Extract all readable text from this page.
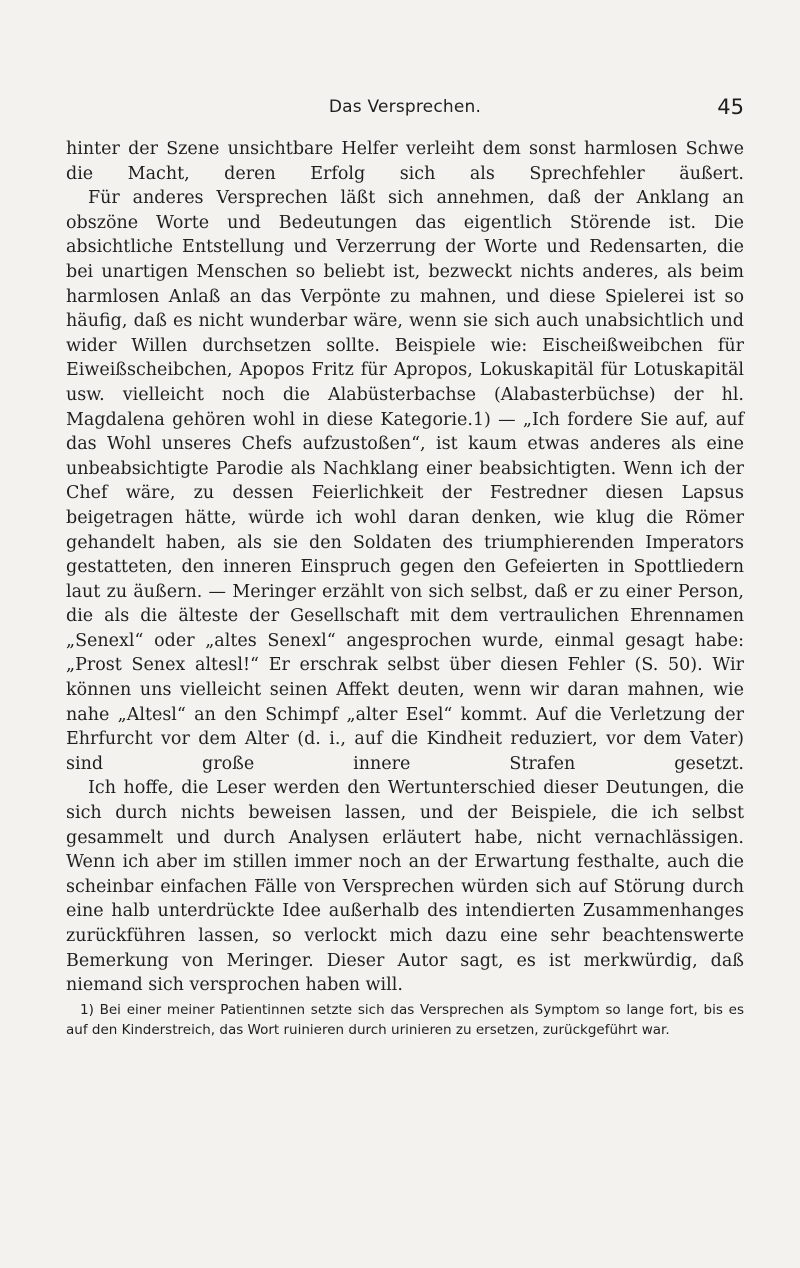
Das Versprechen.	45

hinter der Szene unsichtbare Helfer verleiht dem sonst harmlosen Schwe die Macht, deren Erfolg sich als Sprechfehler äußert.

Für anderes Versprechen läßt sich annehmen, daß der Anklang an obszöne Worte und Bedeutungen das eigentlich Störende ist. Die absichtliche Entstellung und Verzerrung der Worte und Redensarten, die bei unartigen Menschen so beliebt ist, bezweckt nichts anderes, als beim harmlosen Anlaß an das Verpönte zu mahnen, und diese Spielerei ist so häufig, daß es nicht wunderbar wäre, wenn sie sich auch unabsichtlich und wider Willen durchsetzen sollte. Beispiele wie: Eischeißweibchen für Eiweißscheibchen, Apopos Fritz für Apropos, Lokuskapitäl für Lotuskapitäl usw. vielleicht noch die Alabüsterbachse (Alabasterbüchse) der hl. Magdalena gehören wohl in diese Kategorie.1) — „Ich fordere Sie auf, auf das Wohl unseres Chefs aufzustoßen“, ist kaum etwas anderes als eine unbeabsichtigte Parodie als Nachklang einer beabsichtigten. Wenn ich der Chef wäre, zu dessen Feierlichkeit der Festredner diesen Lapsus beigetragen hätte, würde ich wohl daran denken, wie klug die Römer gehandelt haben, als sie den Soldaten des triumphierenden Imperators gestatteten, den inneren Einspruch gegen den Gefeierten in Spottliedern laut zu äußern. — Meringer erzählt von sich selbst, daß er zu einer Person, die als die älteste der Gesellschaft mit dem vertraulichen Ehrennamen „Senexl“ oder „altes Senexl“ angesprochen wurde, einmal gesagt habe: „Prost Senex altesl!“ Er erschrak selbst über diesen Fehler (S. 50). Wir können uns vielleicht seinen Affekt deuten, wenn wir daran mahnen, wie nahe „Altesl“ an den Schimpf „alter Esel“ kommt. Auf die Verletzung der Ehrfurcht vor dem Alter (d. i., auf die Kindheit reduziert, vor dem Vater) sind große innere Strafen gesetzt.

Ich hoffe, die Leser werden den Wertunterschied dieser Deutungen, die sich durch nichts beweisen lassen, und der Beispiele, die ich selbst gesammelt und durch Analysen erläutert habe, nicht vernachlässigen. Wenn ich aber im stillen immer noch an der Erwartung festhalte, auch die scheinbar einfachen Fälle von Versprechen würden sich auf Störung durch eine halb unterdrückte Idee außerhalb des intendierten Zusammenhanges zurückführen lassen, so verlockt mich dazu eine sehr beachtenswerte Bemerkung von Meringer. Dieser Autor sagt, es ist merkwürdig, daß niemand sich versprochen haben will.

1) Bei einer meiner Patientinnen setzte sich das Versprechen als Symptom so lange fort, bis es auf den Kinderstreich, das Wort ruinieren durch urinieren zu ersetzen, zurückgeführt war.
